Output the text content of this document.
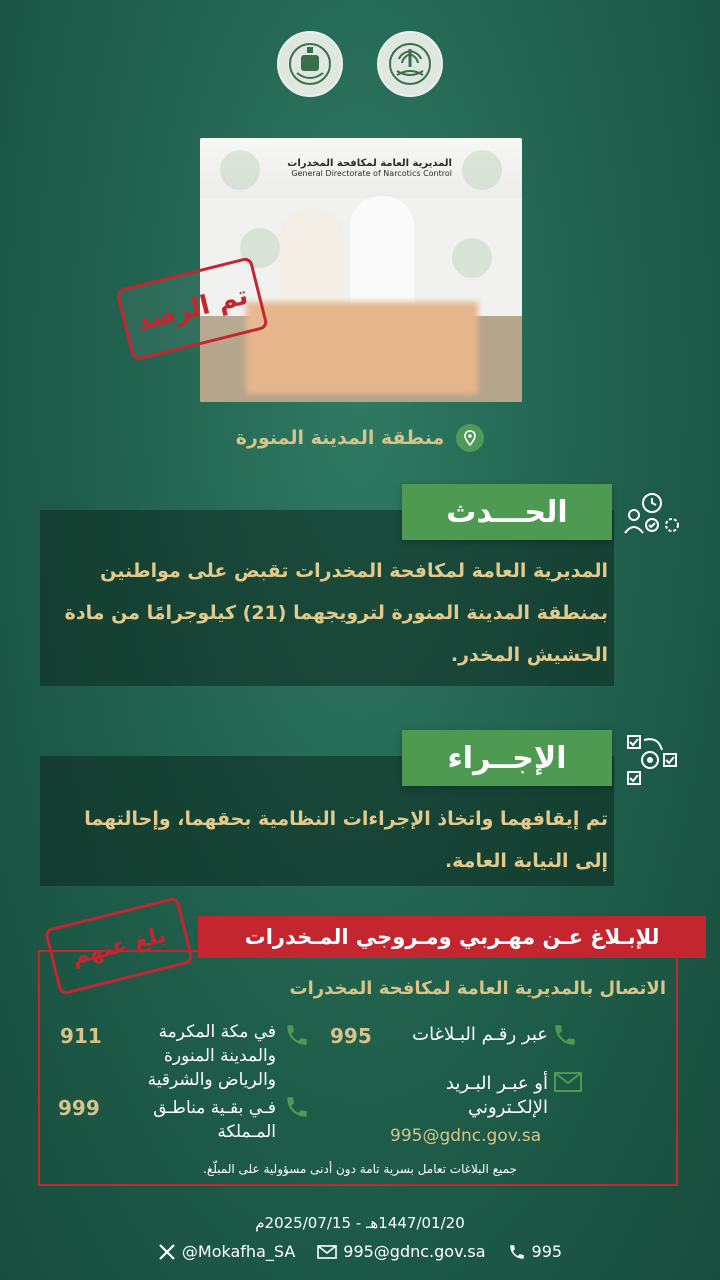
المديرية العامة لمكافحة المخدرات
General Directorate of Narcotics Control
تم الرصد
منطقة المدينة المنورة
الحـــدث
المديرية العامة لمكافحة المخدرات تقبض على مواطنين بمنطقة المدينة المنورة لترويجهما (21) كيلوجرامًا من مادة الحشيش المخدر.
الإجــراء
تم إيقافهما واتخاذ الإجراءات النظامية بحقهما، وإحالتهما إلى النيابة العامة.
للإبـلاغ عـن مهـربي ومـروجي المـخدرات
بلغ عنهم
الاتصال بالمديرية العامة لمكافحة المخدرات
عبر رقـم البـلاغات
995
أو عبـر البـريد الإلكـتروني
995@gdnc.gov.sa
في مكة المكرمة والمدينة المنورة والرياض والشرقية
911
فـي بقـية مناطـق المـملكة
999
جميع البلاغات تعامل بسرية تامة دون أدنى مسؤولية على المبلّغ.
1447/01/20هـ - 2025/07/15م
@Mokafha_SA	995@gdnc.gov.sa	995
